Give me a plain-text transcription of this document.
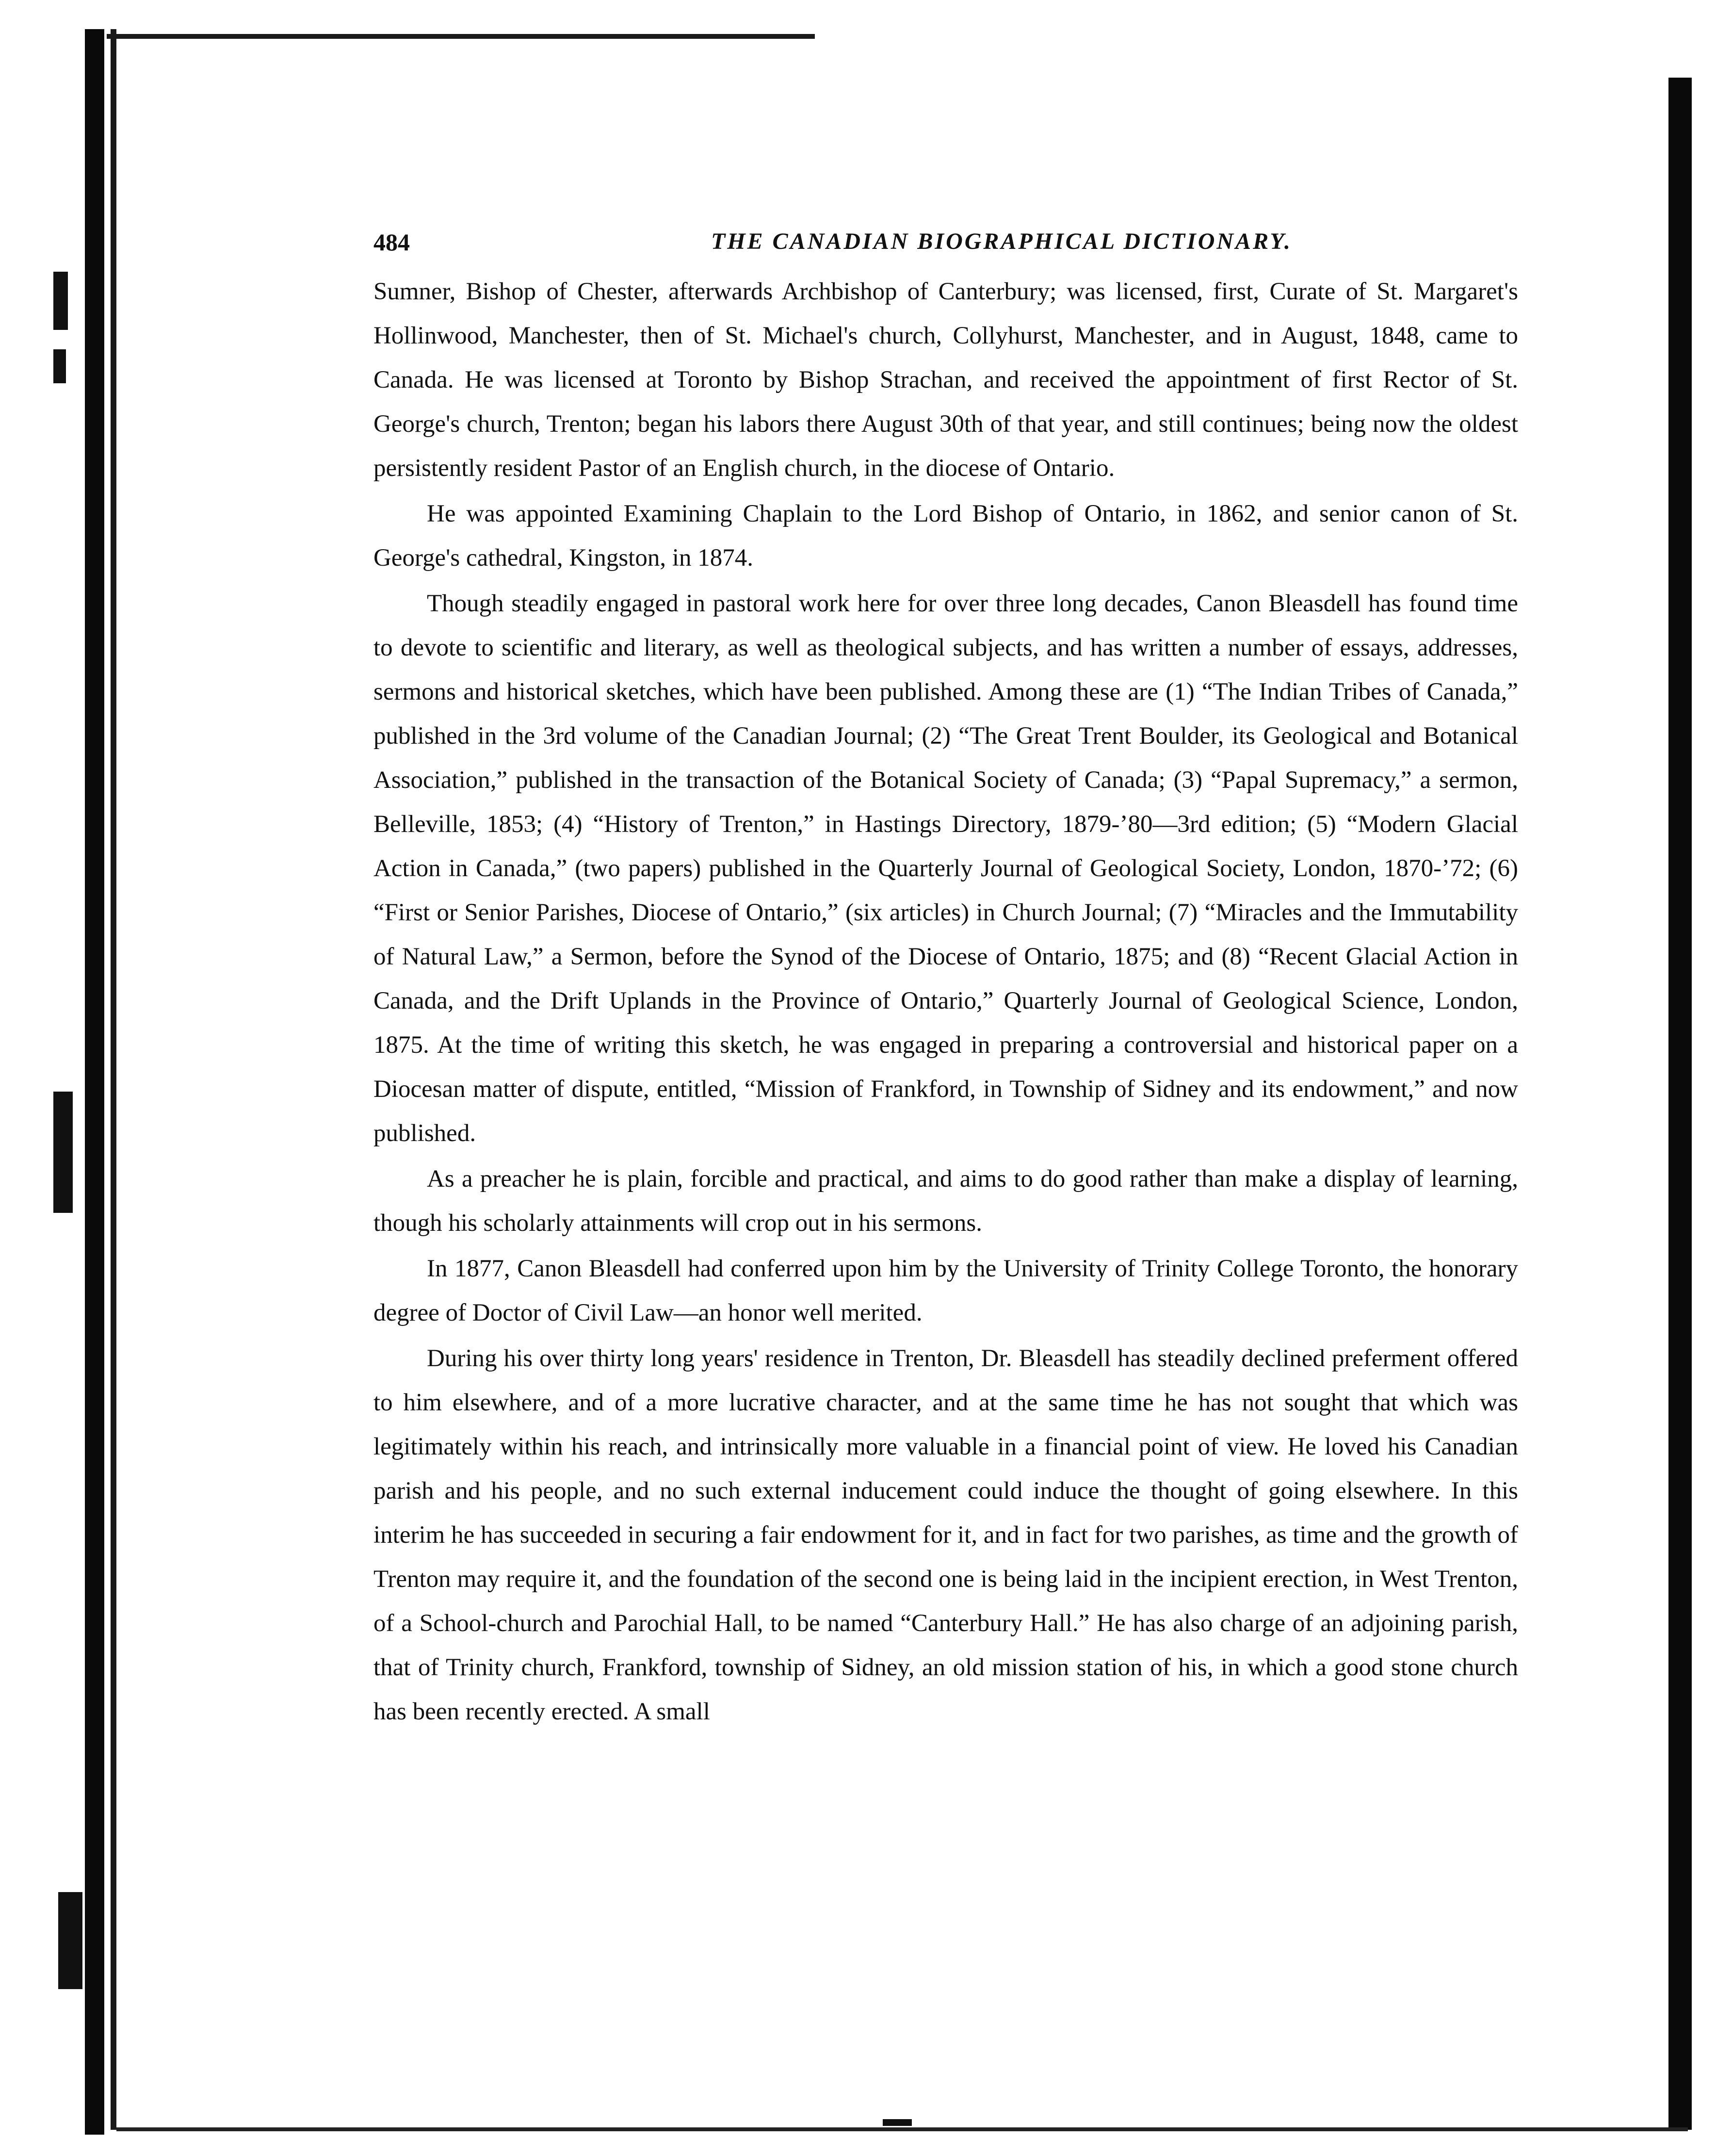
484	THE CANADIAN BIOGRAPHICAL DICTIONARY.

Sumner, Bishop of Chester, afterwards Archbishop of Canterbury; was licensed, first, Curate of St. Margaret's Hollinwood, Manchester, then of St. Michael's church, Collyhurst, Manchester, and in August, 1848, came to Canada. He was licensed at Toronto by Bishop Strachan, and received the appointment of first Rector of St. George's church, Trenton; began his labors there August 30th of that year, and still continues; being now the oldest persistently resident Pastor of an English church, in the diocese of Ontario.

He was appointed Examining Chaplain to the Lord Bishop of Ontario, in 1862, and senior canon of St. George's cathedral, Kingston, in 1874.

Though steadily engaged in pastoral work here for over three long decades, Canon Bleasdell has found time to devote to scientific and literary, as well as theological subjects, and has written a number of essays, addresses, sermons and historical sketches, which have been published. Among these are (1) “The Indian Tribes of Canada,” published in the 3rd volume of the Canadian Journal; (2) “The Great Trent Boulder, its Geological and Botanical Association,” published in the transaction of the Botanical Society of Canada; (3) “Papal Supremacy,” a sermon, Belleville, 1853; (4) “History of Trenton,” in Hastings Directory, 1879-’80—3rd edition; (5) “Modern Glacial Action in Canada,” (two papers) published in the Quarterly Journal of Geological Society, London, 1870-’72; (6) “First or Senior Parishes, Diocese of Ontario,” (six articles) in Church Journal; (7) “Miracles and the Immutability of Natural Law,” a Sermon, before the Synod of the Diocese of Ontario, 1875; and (8) “Recent Glacial Action in Canada, and the Drift Uplands in the Province of Ontario,” Quarterly Journal of Geological Science, London, 1875. At the time of writing this sketch, he was engaged in preparing a controversial and historical paper on a Diocesan matter of dispute, entitled, “Mission of Frankford, in Township of Sidney and its endowment,” and now published.

As a preacher he is plain, forcible and practical, and aims to do good rather than make a display of learning, though his scholarly attainments will crop out in his sermons.

In 1877, Canon Bleasdell had conferred upon him by the University of Trinity College Toronto, the honorary degree of Doctor of Civil Law—an honor well merited.

During his over thirty long years' residence in Trenton, Dr. Bleasdell has steadily declined preferment offered to him elsewhere, and of a more lucrative character, and at the same time he has not sought that which was legitimately within his reach, and intrinsically more valuable in a financial point of view. He loved his Canadian parish and his people, and no such external inducement could induce the thought of going elsewhere. In this interim he has succeeded in securing a fair endowment for it, and in fact for two parishes, as time and the growth of Trenton may require it, and the foundation of the second one is being laid in the incipient erection, in West Trenton, of a School-church and Parochial Hall, to be named “Canterbury Hall.” He has also charge of an adjoining parish, that of Trinity church, Frankford, township of Sidney, an old mission station of his, in which a good stone church has been recently erected. A small
